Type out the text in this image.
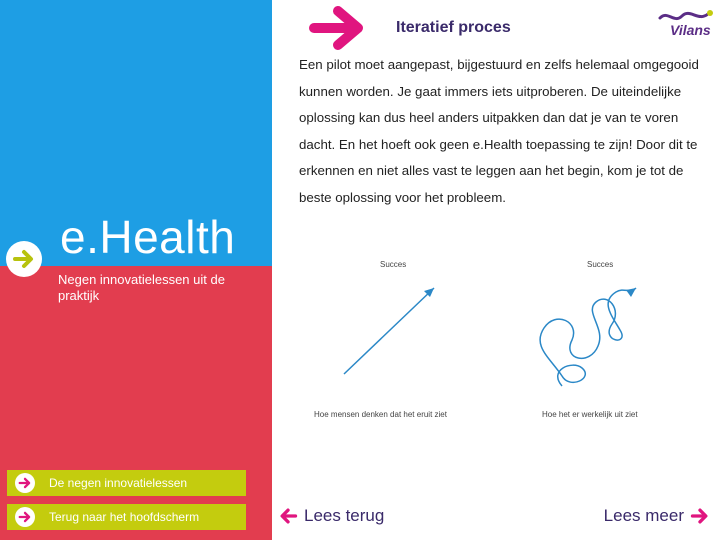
e.Health
Negen innovatielessen uit de praktijk
De negen innovatielessen
Terug naar het hoofdscherm
Iteratief proces	Vilans
Een pilot moet aangepast, bijgestuurd en zelfs helemaal omgegooid kunnen worden. Je gaat immers iets uitproberen. De uiteindelijke oplossing kan dus heel anders uitpakken dan dat je van te voren dacht. En het hoeft ook geen e.Health toepassing te zijn! Door dit te erkennen en niet alles vast te leggen aan het begin, kom je tot de beste oplossing voor het probleem.
Succes
Hoe mensen denken dat het eruit ziet
Succes
Hoe het er werkelijk uit ziet
Lees terug	Lees meer
